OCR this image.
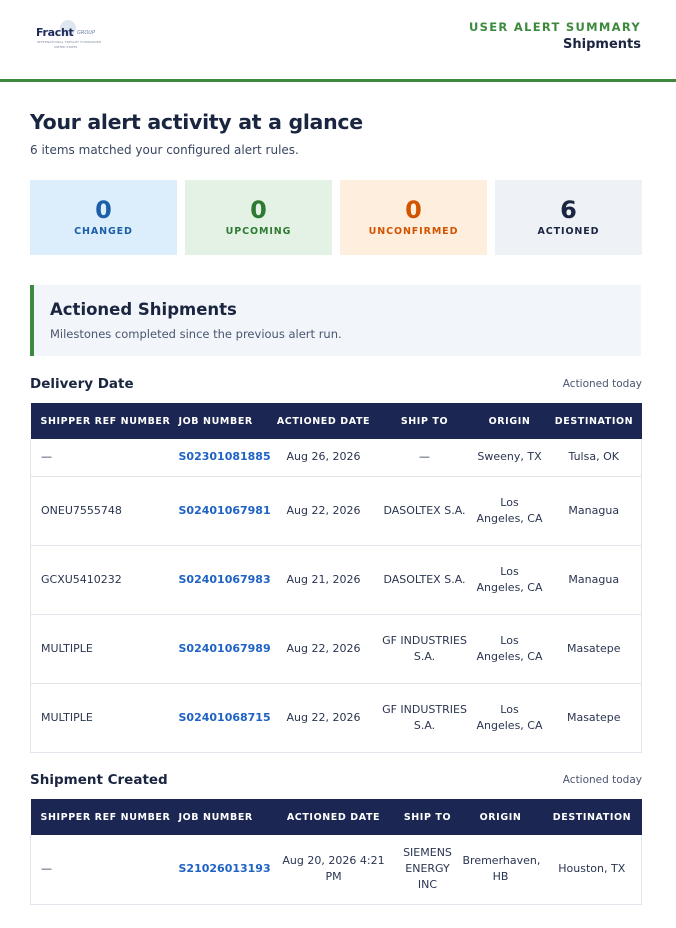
Fracht GROUP
INTERNATIONAL FREIGHT FORWARDER
UNITED STATES
USER ALERT SUMMARY
Shipments
Your alert activity at a glance
6 items matched your configured alert rules.
0
CHANGED
0
UPCOMING
0
UNCONFIRMED
6
ACTIONED
Actioned Shipments
Milestones completed since the previous alert run.
Delivery Date	Actioned today
SHIPPER REF NUMBER	JOB NUMBER	ACTIONED DATE	SHIP TO	ORIGIN	DESTINATION
—	S02301081885	Aug 26, 2026	—	Sweeny, TX	Tulsa, OK
ONEU7555748	S02401067981	Aug 22, 2026	DASOLTEX S.A.	Los Angeles, CA	Managua
GCXU5410232	S02401067983	Aug 21, 2026	DASOLTEX S.A.	Los Angeles, CA	Managua
MULTIPLE	S02401067989	Aug 22, 2026	GF INDUSTRIES S.A.	Los Angeles, CA	Masatepe
MULTIPLE	S02401068715	Aug 22, 2026	GF INDUSTRIES S.A.	Los Angeles, CA	Masatepe
Shipment Created	Actioned today
SHIPPER REF NUMBER	JOB NUMBER	ACTIONED DATE	SHIP TO	ORIGIN	DESTINATION
—	S21026013193	Aug 20, 2026 4:21 PM	SIEMENS ENERGY INC	Bremerhaven, HB	Houston, TX
